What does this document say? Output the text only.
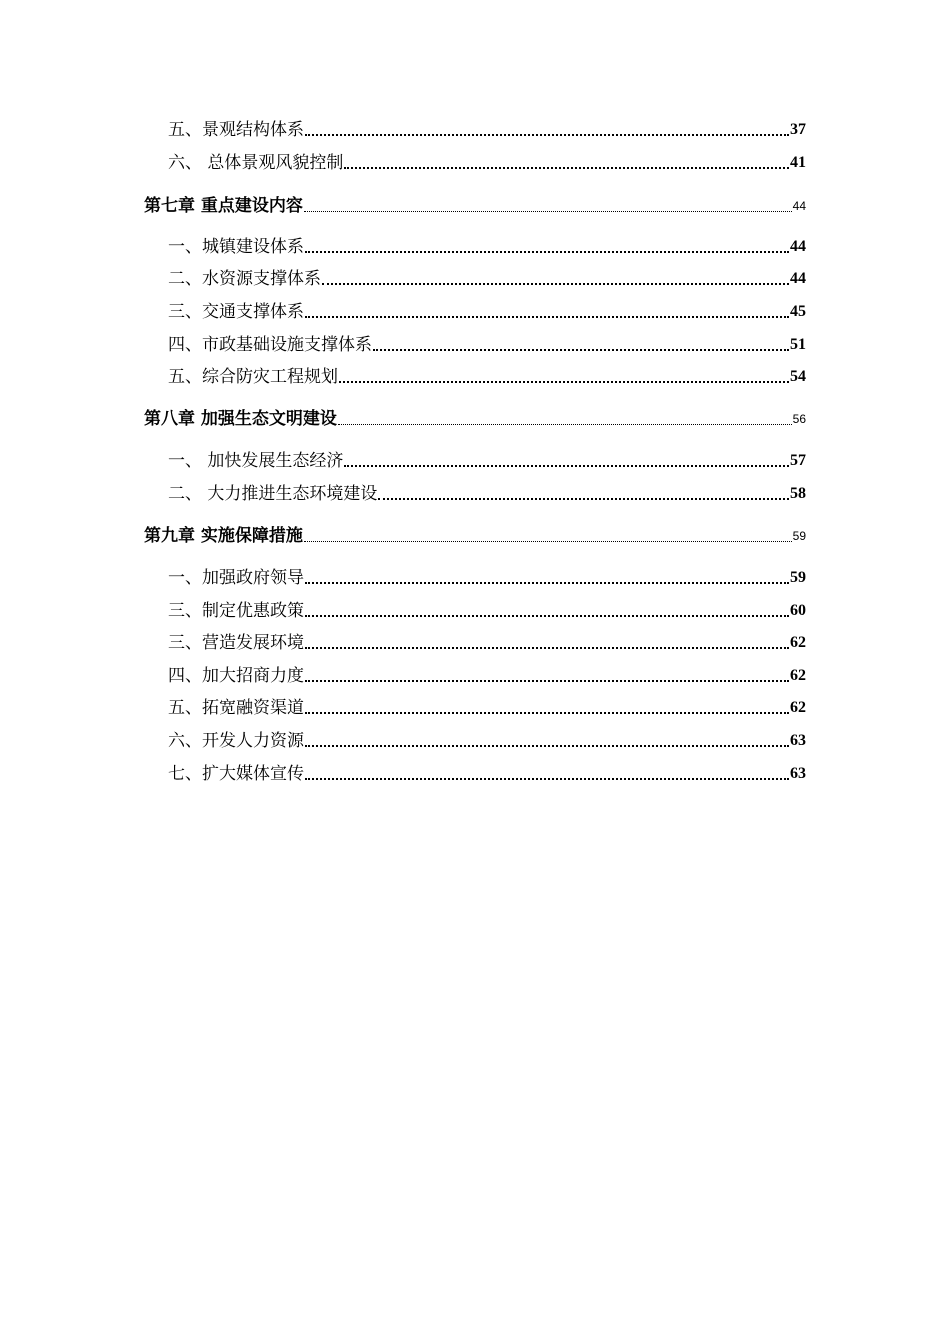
五、景观结构体系	37
六、 总体景观风貌控制	41
第七章 重点建设内容	44
一、城镇建设体系	44
二、水资源支撑体系	44
三、交通支撑体系	45
四、市政基础设施支撑体系	51
五、综合防灾工程规划	54
第八章 加强生态文明建设	56
一、 加快发展生态经济	57
二、 大力推进生态环境建设	58
第九章 实施保障措施	59
一、加强政府领导	59
三、制定优惠政策	60
三、营造发展环境	62
四、加大招商力度	62
五、拓宽融资渠道	62
六、开发人力资源	63
七、扩大媒体宣传	63
